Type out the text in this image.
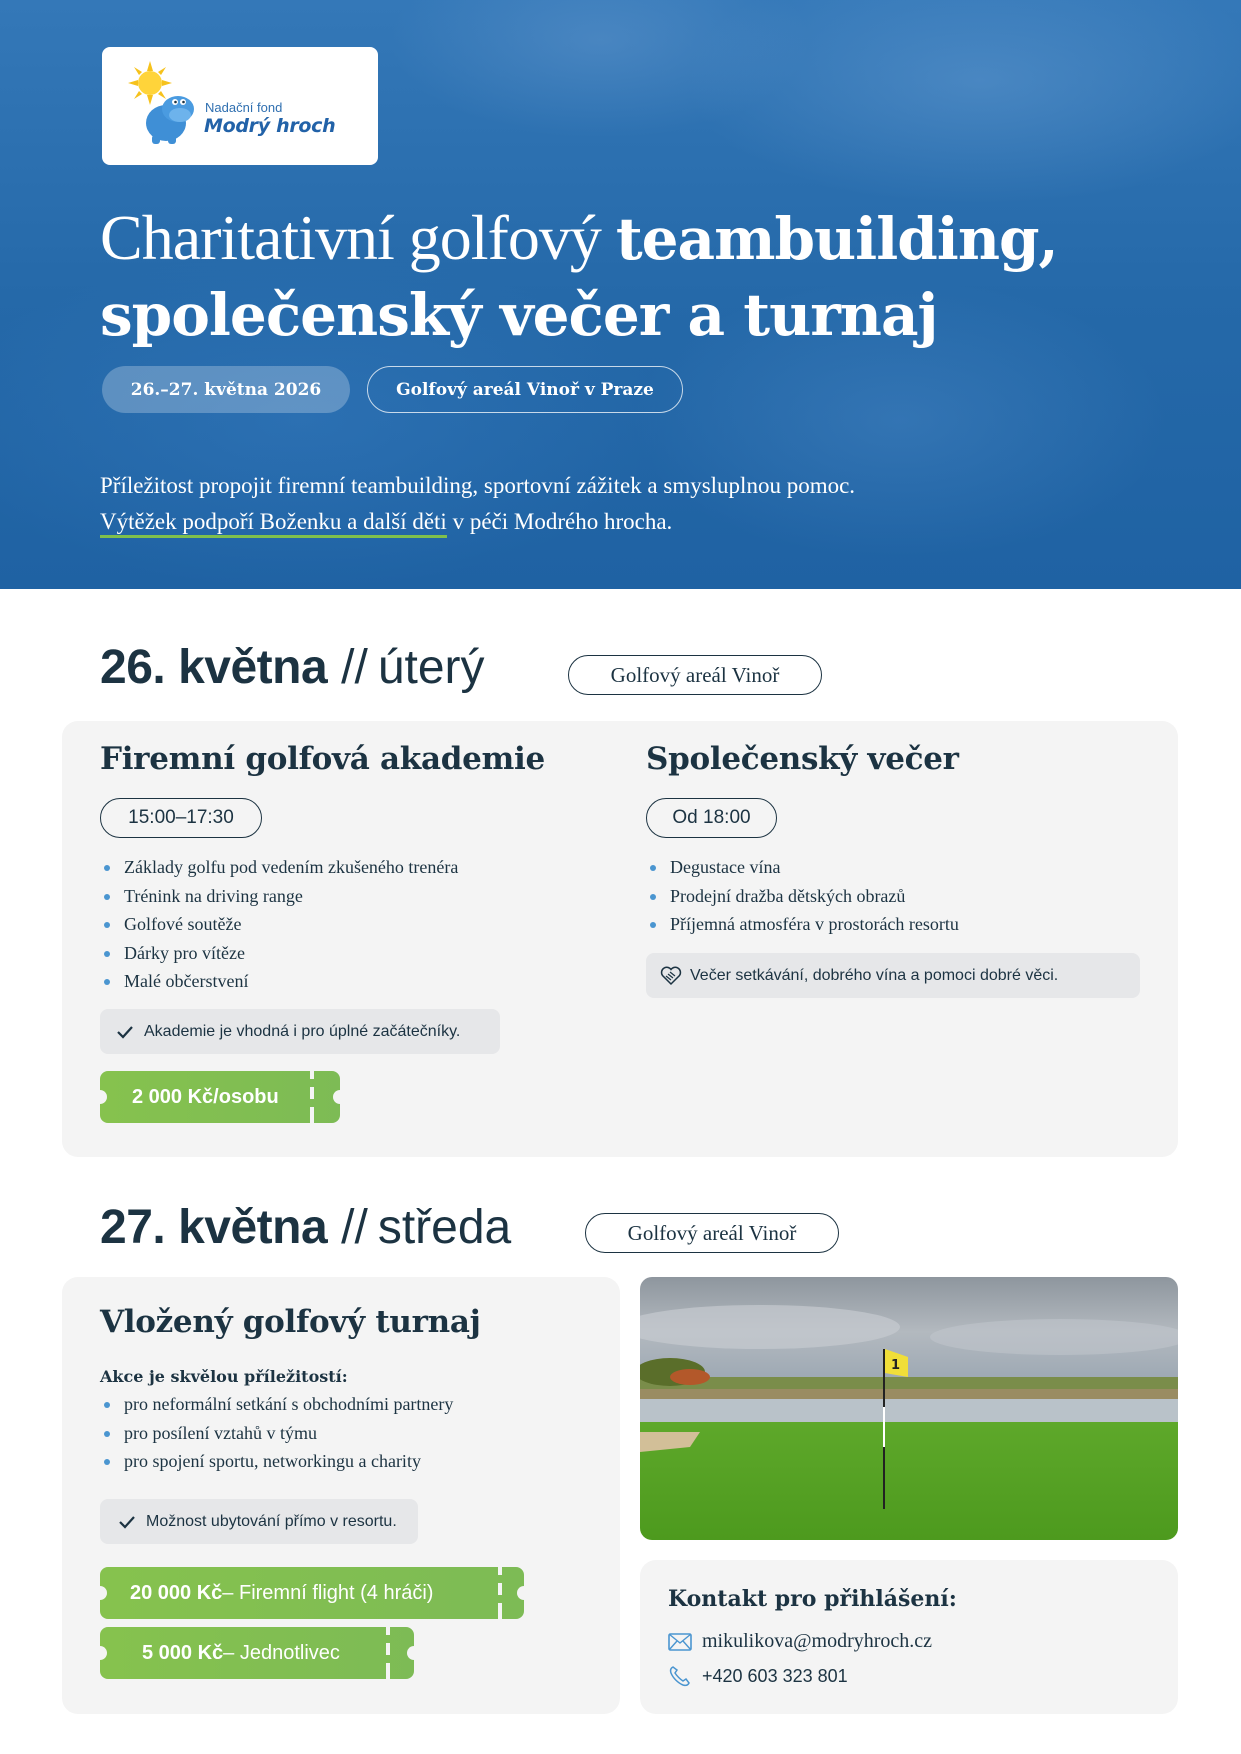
Nadační fond
Modrý hroch
Charitativní golfový teambuilding,
společenský večer a turnaj
26.–27. května 2026	Golfový areál Vinoř v Praze
Příležitost propojit firemní teambuilding, sportovní zážitek a smysluplnou pomoc.
Výtěžek podpoří Boženku a další děti v péči Modrého hrocha.
26. května // úterý	Golfový areál Vinoř
Firemní golfová akademie
15:00–17:30
Základy golfu pod vedením zkušeného trenéra
Trénink na driving range
Golfové soutěže
Dárky pro vítěze
Malé občerstvení
Akademie je vhodná i pro úplné začátečníky.
2 000 Kč/osobu
Společenský večer
Od 18:00
Degustace vína
Prodejní dražba dětských obrazů
Příjemná atmosféra v prostorách resortu
Večer setkávání, dobrého vína a pomoci dobré věci.
27. května // středa	Golfový areál Vinoř
Vložený golfový turnaj
Akce je skvělou příležitostí:
pro neformální setkání s obchodními partnery
pro posílení vztahů v týmu
pro spojení sportu, networkingu a charity
Možnost ubytování přímo v resortu.
20 000 Kč – Firemní flight (4 hráči)
5 000 Kč – Jednotlivec
1
Kontakt pro přihlášení:
mikulikova@modryhroch.cz
+420 603 323 801
